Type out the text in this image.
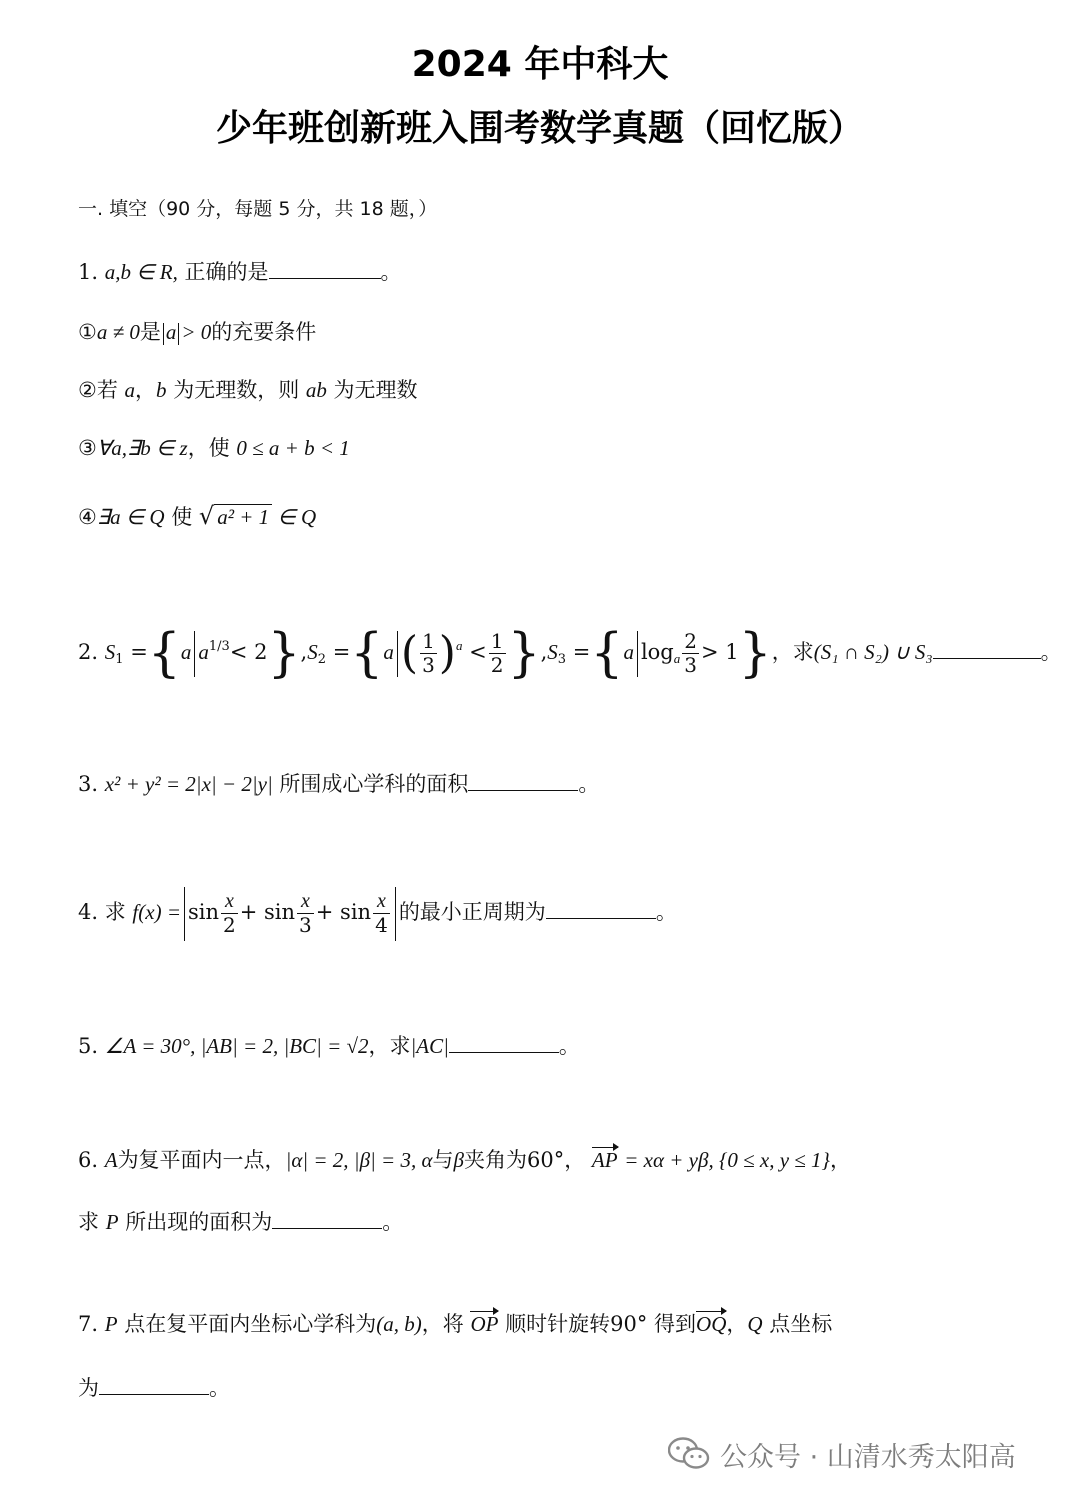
2024 年中科大
少年班创新班入围考数学真题（回忆版）
一. 填空（90 分，每题 5 分，共 18 题，）
1. a,b ∈ R, 正确的是	。
①a ≠ 0是 a > 0的充要条件
②若 a，b 为无理数，则 ab 为无理数
③∀a,∃b ∈ z，使 0 ≤ a + b < 1
④∃a ∈ Q 使 √ a² + 1 ∈ Q
2. $S_1 =\{a$ $a^{1/3}< 2\},S_2 =\{a$ ( $\frac{1}{3} )^a < \frac{1}{2} \},S_3 =\{a$ $\log_a \frac{2}{3} > 1$}，求(S₁ ∩ S₂) ∪ S₃	。
3. x² + y² = 2|x| − 2|y| 所围成心学科的面积	。
4. 求 $f(x) = \sin \frac{x}{2} + \sin \frac{x}{3} + \sin \frac{x}{4}$ 的最小正周期为	。
5. ∠A = 30°, |AB| = 2, |BC| = √2，求|AC|	。
6. A为复平面内一点，|α| = 2, |β| = 3, α与β夹角为60°， AP = xα + yβ, {0 ≤ x, y ≤ 1}，
求 P 所出现的面积为	。
7. P 点在复平面内坐标心学科为(a, b)，将 OP 顺时针旋转90° 得到OQ，Q 点坐标
为	。
公众号 · 山清水秀太阳高
